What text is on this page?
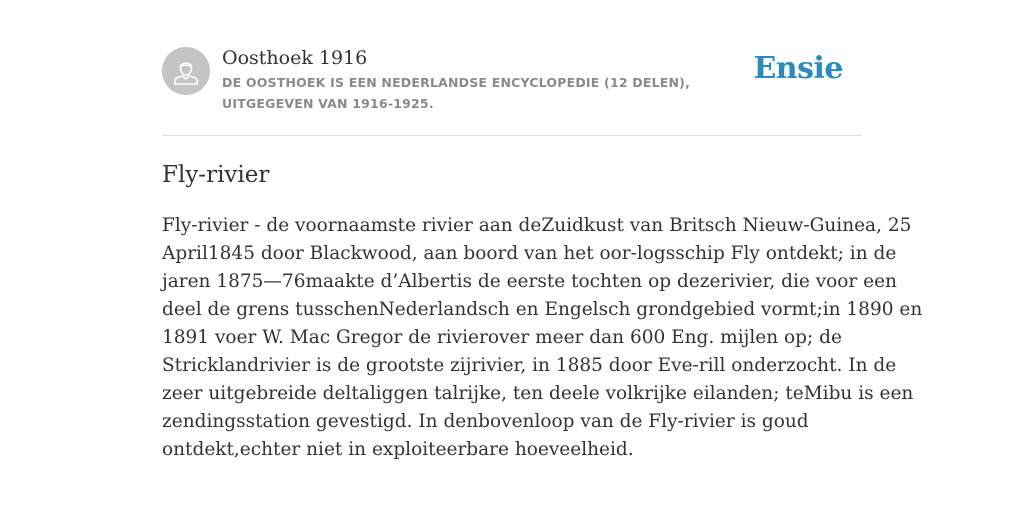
Oosthoek 1916
DE OOSTHOEK IS EEN NEDERLANDSE ENCYCLOPEDIE (12 DELEN), UITGEGEVEN VAN 1916-1925.
Ensie
Fly-rivier
Fly-rivier - de voornaamste rivier aan deZuidkust van Britsch Nieuw-Guinea, 25
April1845 door Blackwood, aan boord van het oor-logsschip Fly ontdekt; in de
jaren 1875—76maakte d’Albertis de eerste tochten op dezerivier, die voor een
deel de grens tusschenNederlandsch en Engelsch grondgebied vormt;in 1890 en
1891 voer W. Mac Gregor de rivierover meer dan 600 Eng. mijlen op; de
Stricklandrivier is de grootste zijrivier, in 1885 door Eve-rill onderzocht. In de
zeer uitgebreide deltaliggen talrijke, ten deele volkrijke eilanden; teMibu is een
zendingsstation gevestigd. In denbovenloop van de Fly-rivier is goud
ontdekt,echter niet in exploiteerbare hoeveelheid.
